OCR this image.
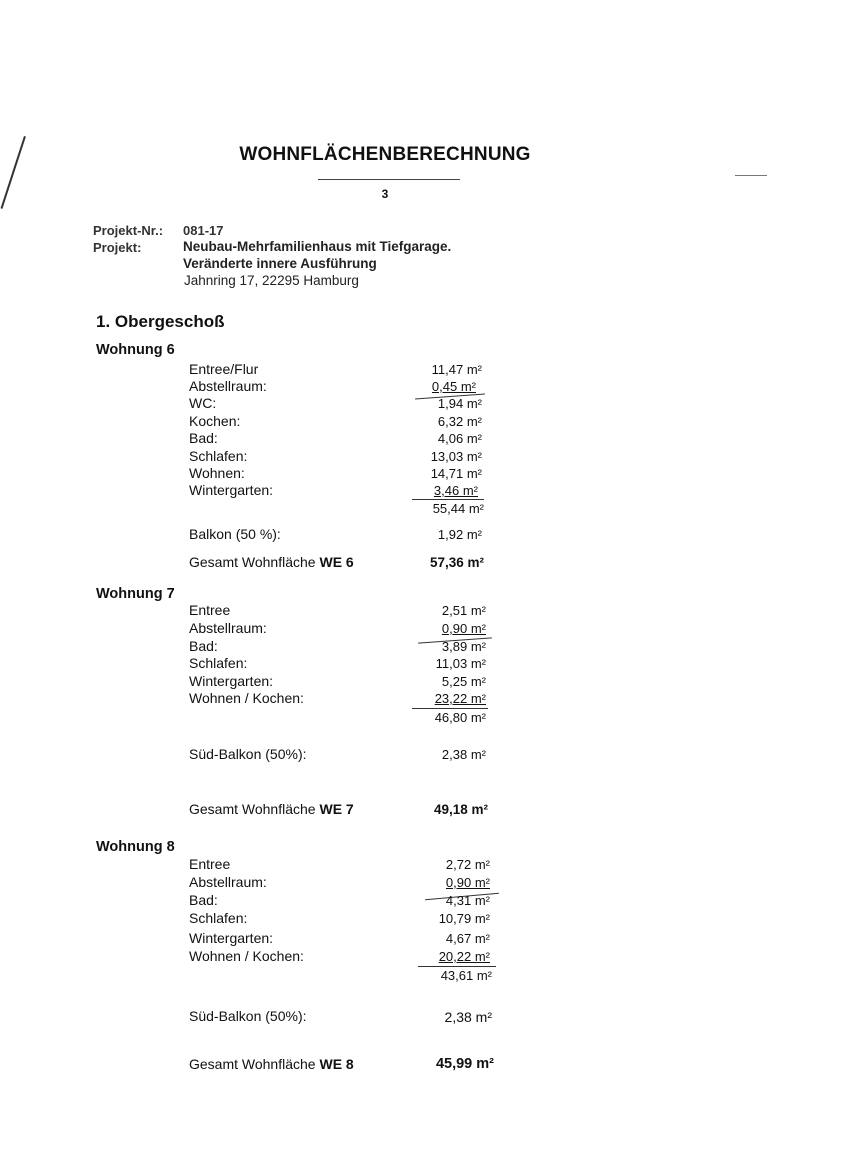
WOHNFLÄCHENBERECHNUNG
3
Projekt-Nr.: 081-17
Projekt:	Neubau-Mehrfamilienhaus mit Tiefgarage.
Veränderte innere Ausführung
Jahnring 17, 22295 Hamburg
1. Obergeschoß
Wohnung 6
Entree/Flur	11,47 m²
Abstellraum:	0,45 m²
WC:	1,94 m²
Kochen:	6,32 m²
Bad:	4,06 m²
Schlafen:	13,03 m²
Wohnen:	14,71 m²
Wintergarten:	3,46 m²
55,44 m²
Balkon (50 %):	1,92 m²
Gesamt Wohnfläche WE 6	57,36 m²
Wohnung 7
Entree	2,51 m²
Abstellraum:	0,90 m²
Bad:	3,89 m²
Schlafen:	11,03 m²
Wintergarten:	5,25 m²
Wohnen / Kochen:	23,22 m²
46,80 m²
Süd-Balkon (50%):	2,38 m²
Gesamt Wohnfläche WE 7	49,18 m²
Wohnung 8
Entree	2,72 m²
Abstellraum:	0,90 m²
Bad:	4,31 m²
Schlafen:	10,79 m²
Wintergarten:	4,67 m²
Wohnen / Kochen:	20,22 m²
43,61 m²
Süd-Balkon (50%):	2,38 m²
Gesamt Wohnfläche WE 8	45,99 m²
